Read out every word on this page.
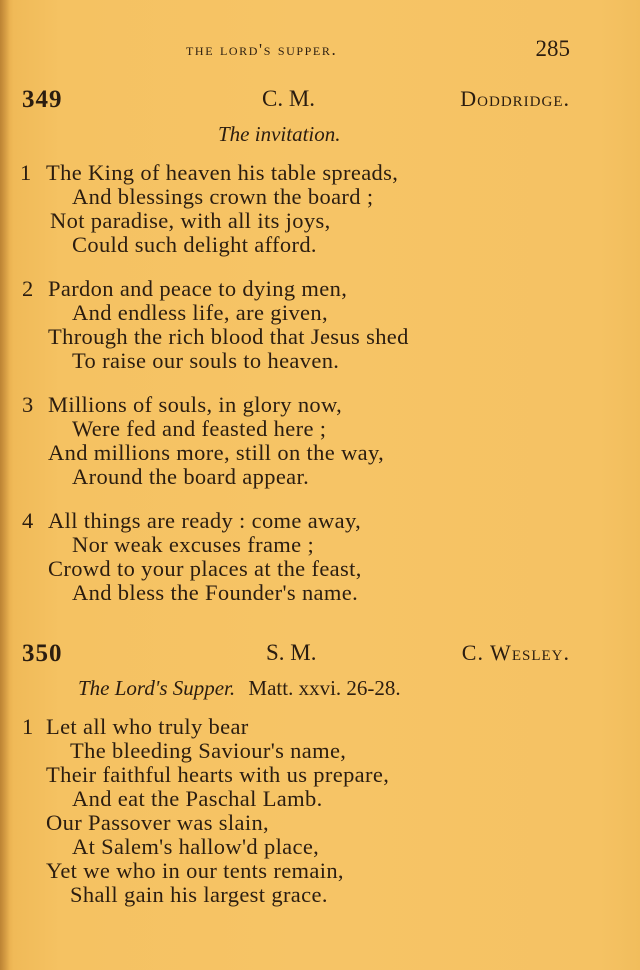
the lord's supper.	285
349	C. M.	Doddridge.
The invitation.
1 The King of heaven his table spreads,
And blessings crown the board ;
Not paradise, with all its joys,
Could such delight afford.
2 Pardon and peace to dying men,
And endless life, are given,
Through the rich blood that Jesus shed
To raise our souls to heaven.
3 Millions of souls, in glory now,
Were fed and feasted here ;
And millions more, still on the way,
Around the board appear.
4 All things are ready : come away,
Nor weak excuses frame ;
Crowd to your places at the feast,
And bless the Founder's name.
350	S. M.	C. Wesley.
The Lord's Supper. Matt. xxvi. 26-28.
1 Let all who truly bear
The bleeding Saviour's name,
Their faithful hearts with us prepare,
And eat the Paschal Lamb.
Our Passover was slain,
At Salem's hallow'd place,
Yet we who in our tents remain,
Shall gain his largest grace.
